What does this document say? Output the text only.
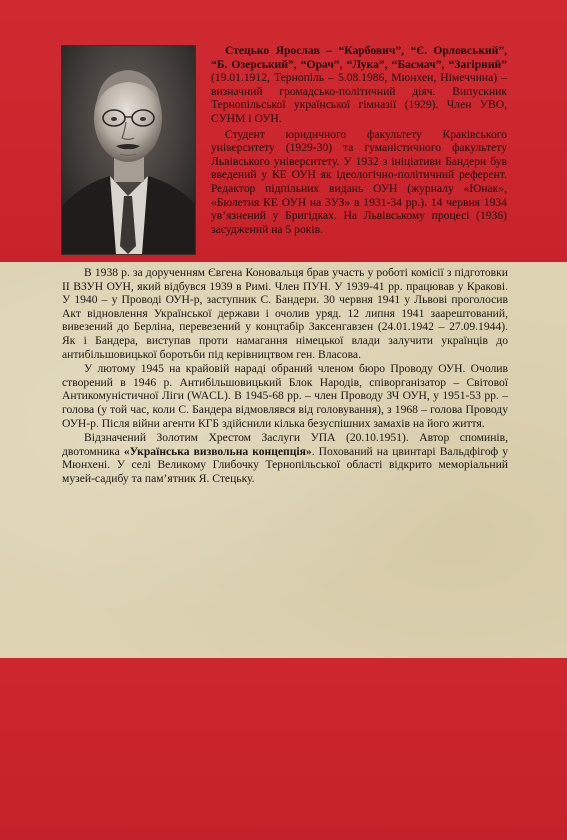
Стецько Ярослав – “Карбович”, “Є. Орловський”, “Б. Озерський”, “Орач”, “Лука”, “Басмач”, “Загірний” (19.01.1912, Тернопіль – 5.08.1986, Мюнхен, Німеччина) – визначний громадсько-політичний діяч. Випускник Тернопільської української гімназії (1929). Член УВО, СУНМ і ОУН.

Студент юридичного факультету Краківського університету (1929-30) та гуманістичного факультету Львівського університету. У 1932 з ініціативи Бандери був введений у КЕ ОУН як ідеологічно-політичний референт. Редактор підпільних видань ОУН (журналу «Юнак», «Бюлетня КЕ ОУН на ЗУЗ» в 1931-34 рр.). 14 червня 1934 ув’язнений у Бригідках. На Львівському процесі (1936) засуджений на 5 років.

В 1938 р. за дорученням Євгена Коновальця брав участь у роботі комісії з підготовки II ВЗУН ОУН, який відбувся 1939 в Римі. Член ПУН. У 1939-41 рр. працював у Кракові. У 1940 – у Проводі ОУН-р, заступник С. Бандери. 30 червня 1941 у Львові проголосив Акт відновлення Української держави і очолив уряд. 12 липня 1941 заарештований, вивезений до Берліна, перевезений у концтабір Заксенгавзен (24.01.1942 – 27.09.1944). Як і Бандера, виступав проти намагання німецької влади залучити українців до антибільшовицької боротьби під керівництвом ген. Власова.

У лютому 1945 на крайовій нараді обраний членом бюро Проводу ОУН. Очолив створений в 1946 р. Антибільшовицький Блок Народів, співорганізатор – Світової Антикомуністичної Ліги (WACL). В 1945-68 рр. – член Проводу ЗЧ ОУН, у 1951-53 рр. – голова (у той час, коли С. Бандера відмовлявся від головування), з 1968 – голова Проводу ОУН-р. Після війни агенти КГБ здійснили кілька безуспішних замахів на його життя.

Відзначений Золотим Хрестом Заслуги УПА (20.10.1951). Автор споминів, двотомника «Українська визвольна концепція». Похований на цвинтарі Вальдфігоф у Мюнхені. У селі Великому Глибочку Тернопільської області відкрито меморіальний музей-садибу та пам’ятник Я. Стецьку.
